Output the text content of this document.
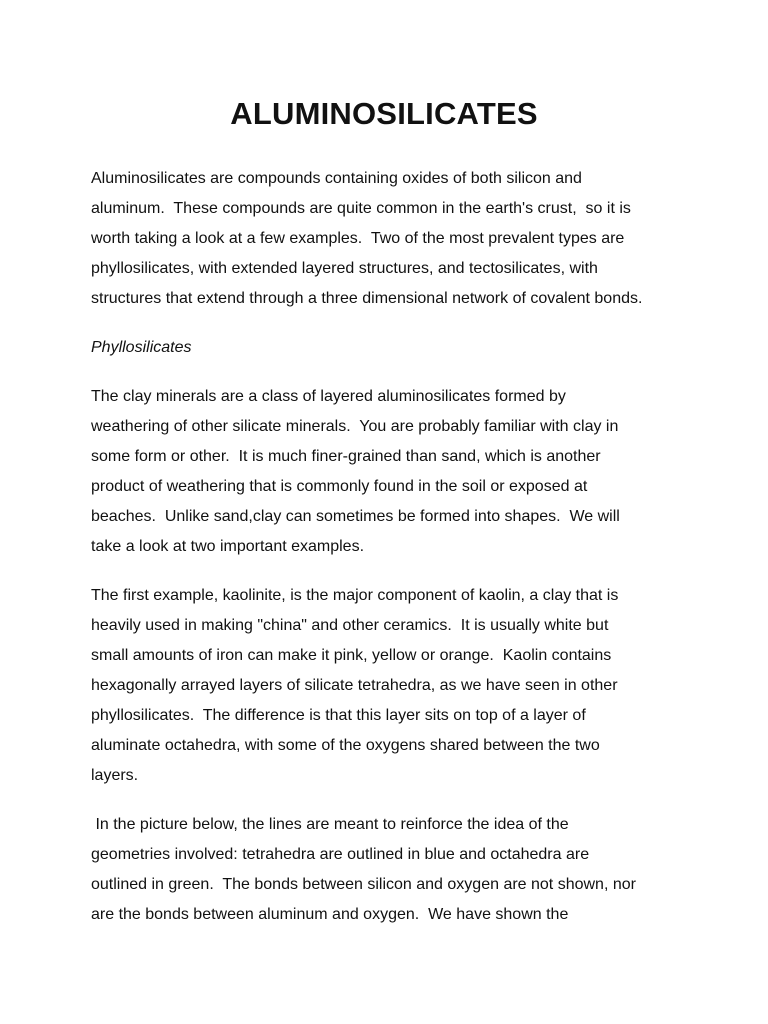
ALUMINOSILICATES

Aluminosilicates are compounds containing oxides of both silicon and
aluminum.  These compounds are quite common in the earth's crust,  so it is
worth taking a look at a few examples.  Two of the most prevalent types are
phyllosilicates, with extended layered structures, and tectosilicates, with
structures that extend through a three dimensional network of covalent bonds.

Phyllosilicates

The clay minerals are a class of layered aluminosilicates formed by
weathering of other silicate minerals.  You are probably familiar with clay in
some form or other.  It is much finer-grained than sand, which is another
product of weathering that is commonly found in the soil or exposed at
beaches.  Unlike sand,clay can sometimes be formed into shapes.  We will
take a look at two important examples.

The first example, kaolinite, is the major component of kaolin, a clay that is
heavily used in making "china" and other ceramics.  It is usually white but
small amounts of iron can make it pink, yellow or orange.  Kaolin contains
hexagonally arrayed layers of silicate tetrahedra, as we have seen in other
phyllosilicates.  The difference is that this layer sits on top of a layer of
aluminate octahedra, with some of the oxygens shared between the two
layers.

In the picture below, the lines are meant to reinforce the idea of the
geometries involved: tetrahedra are outlined in blue and octahedra are
outlined in green.  The bonds between silicon and oxygen are not shown, nor
are the bonds between aluminum and oxygen.  We have shown the
